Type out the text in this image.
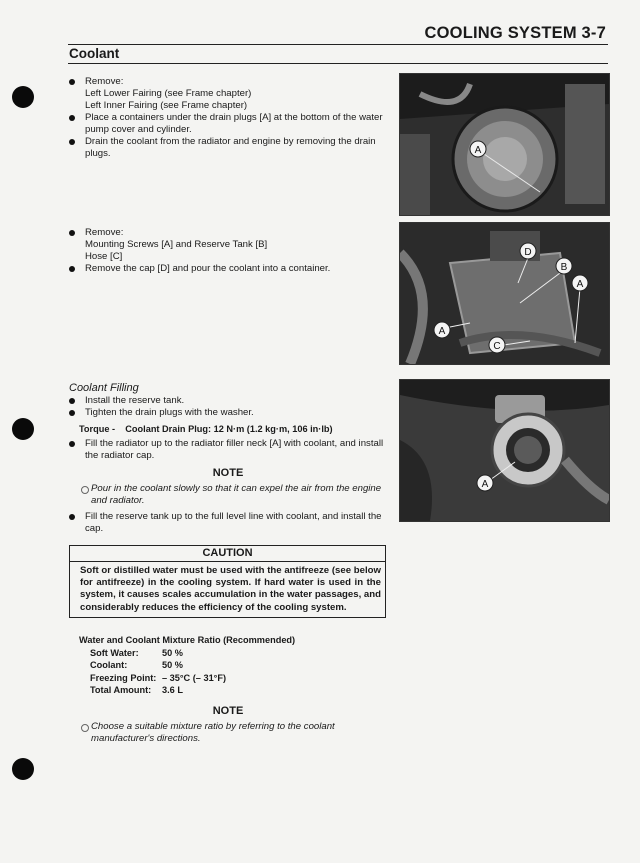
COOLING SYSTEM 3-7
Coolant
Remove:
Left Lower Fairing (see Frame chapter)
Left Inner Fairing (see Frame chapter)
Place a containers under the drain plugs [A] at the bottom of the water pump cover and cylinder.
Drain the coolant from the radiator and engine by removing the drain plugs.
Remove:
Mounting Screws [A] and Reserve Tank [B]
Hose [C]
Remove the cap [D] and pour the coolant into a container.
Coolant Filling
Install the reserve tank.
Tighten the drain plugs with the washer.
Torque - Coolant Drain Plug: 12 N·m (1.2 kg·m, 106 in·lb)
Fill the radiator up to the radiator filler neck [A] with coolant, and install the radiator cap.
NOTE
Pour in the coolant slowly so that it can expel the air from the engine and radiator.
Fill the reserve tank up to the full level line with coolant, and install the cap.
CAUTION
Soft or distilled water must be used with the antifreeze (see below for antifreeze) in the cooling system. If hard water is used in the system, it causes scales accumulation in the water passages, and considerably reduces the efficiency of the cooling system.
Water and Coolant Mixture Ratio (Recommended)
Soft Water:	50 %
Coolant:	50 %
Freezing Point:	– 35°C (– 31°F)
Total Amount:	3.6 L
NOTE
Choose a suitable mixture ratio by referring to the coolant manufacturer's directions.
A
D
B
A
A
C
A
